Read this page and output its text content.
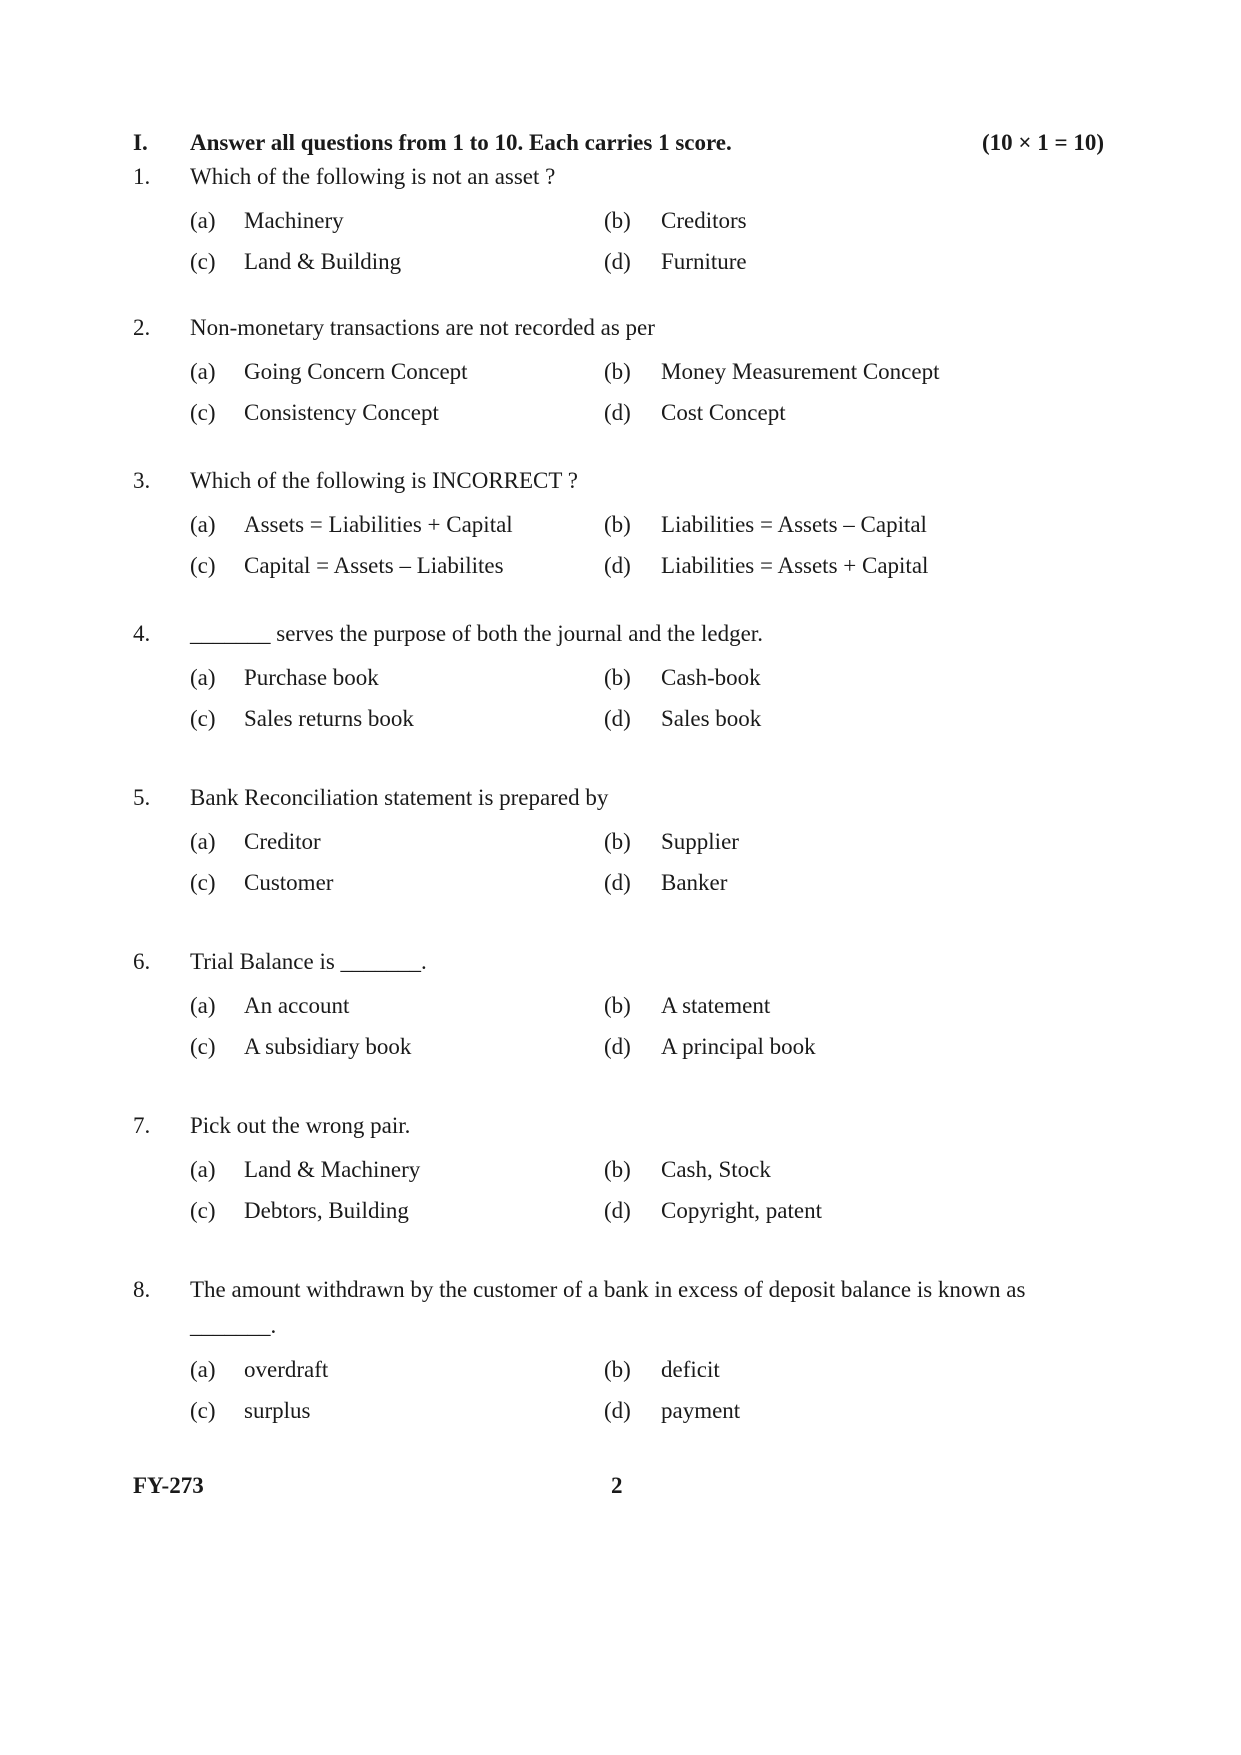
I. Answer all questions from 1 to 10. Each carries 1 score.	(10 × 1 = 10)
1. Which of the following is not an asset ?
(a) Machinery	(b) Creditors
(c) Land & Building	(d) Furniture
2. Non-monetary transactions are not recorded as per
(a) Going Concern Concept	(b) Money Measurement Concept
(c) Consistency Concept	(d) Cost Concept
3. Which of the following is INCORRECT ?
(a) Assets = Liabilities + Capital	(b) Liabilities = Assets – Capital
(c) Capital = Assets – Liabilites	(d) Liabilities = Assets + Capital
4. _______ serves the purpose of both the journal and the ledger.
(a) Purchase book	(b) Cash-book
(c) Sales returns book	(d) Sales book
5. Bank Reconciliation statement is prepared by
(a) Creditor	(b) Supplier
(c) Customer	(d) Banker
6. Trial Balance is _______.
(a) An account	(b) A statement
(c) A subsidiary book	(d) A principal book
7. Pick out the wrong pair.
(a) Land & Machinery	(b) Cash, Stock
(c) Debtors, Building	(d) Copyright, patent
8. The amount withdrawn by the customer of a bank in excess of deposit balance is known as _______.
(a) overdraft	(b) deficit
(c) surplus	(d) payment
FY-273	2
